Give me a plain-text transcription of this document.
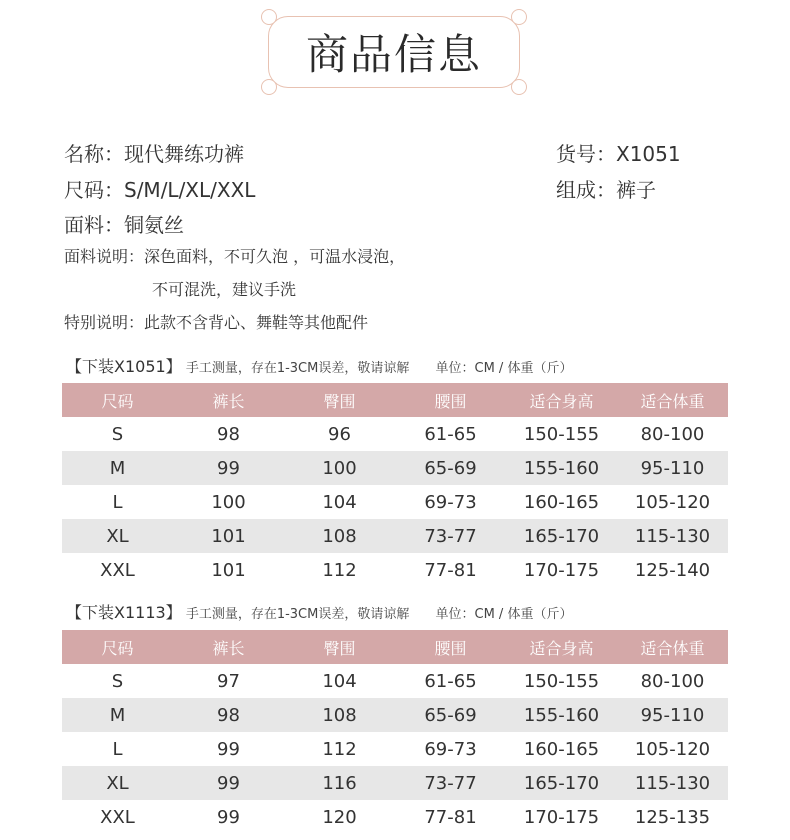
商品信息
名称：现代舞练功裤	货号：X1051
尺码：S/M/L/XL/XXL	组成：裤子
面料：铜氨丝
面料说明：深色面料，不可久泡 ，可温水浸泡，
不可混洗，建议手洗
特别说明：此款不含背心、舞鞋等其他配件
【下装X1051】 手工测量，存在1-3CM误差，敬请谅解 单位：CM / 体重（斤）
尺码	裤长	臀围	腰围	适合身高	适合体重
S	98	96	61-65	150-155	80-100
M	99	100	65-69	155-160	95-110
L	100	104	69-73	160-165	105-120
XL	101	108	73-77	165-170	115-130
XXL	101	112	77-81	170-175	125-140
【下装X1113】 手工测量，存在1-3CM误差，敬请谅解 单位：CM / 体重（斤）
尺码	裤长	臀围	腰围	适合身高	适合体重
S	97	104	61-65	150-155	80-100
M	98	108	65-69	155-160	95-110
L	99	112	69-73	160-165	105-120
XL	99	116	73-77	165-170	115-130
XXL	99	120	77-81	170-175	125-135
